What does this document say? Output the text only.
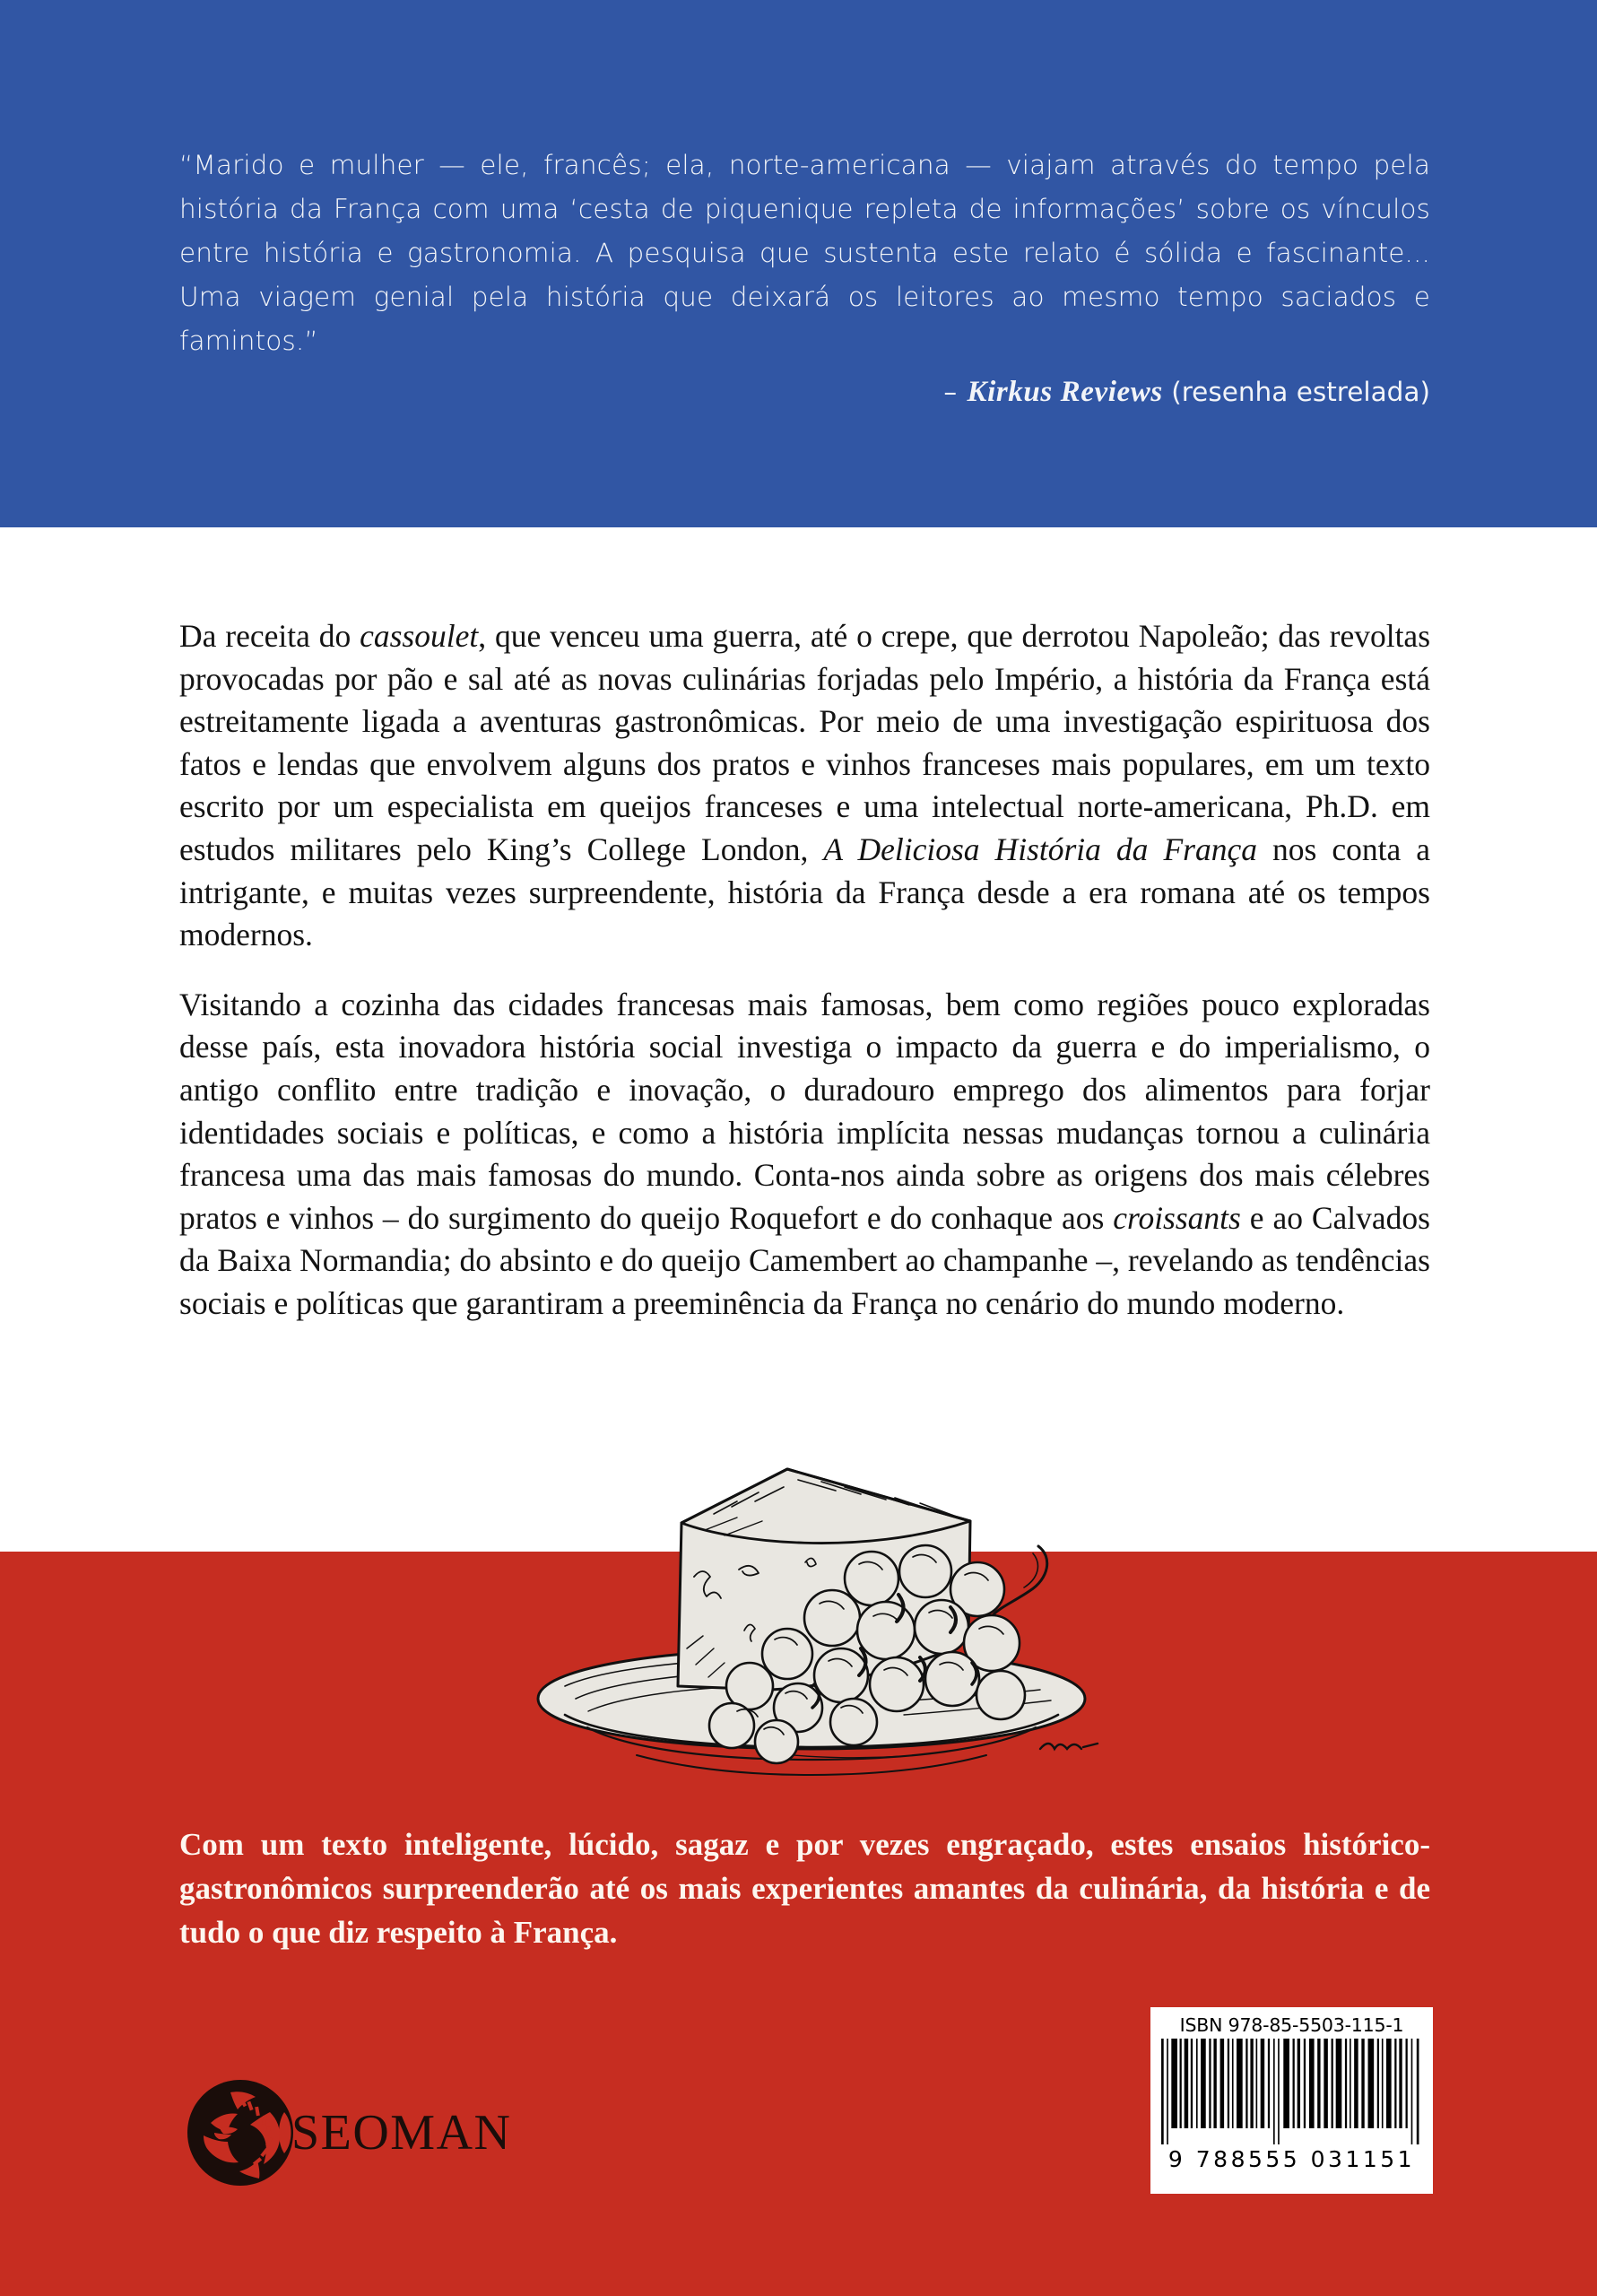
“Marido e mulher — ele, francês; ela, norte-americana — viajam através do tempo pela história da França com uma ‘cesta de piquenique repleta de informações’ sobre os vínculos entre história e gastronomia. A pesquisa que sustenta este relato é sólida e fascinante... Uma viagem genial pela história que deixará os leitores ao mesmo tempo saciados e famintos.”
– Kirkus Reviews (resenha estrelada)

Da receita do cassoulet, que venceu uma guerra, até o crepe, que derrotou Napoleão; das revoltas provocadas por pão e sal até as novas culinárias forjadas pelo Império, a história da França está estreitamente ligada a aventuras gastronômicas. Por meio de uma investigação espirituosa dos fatos e lendas que envolvem alguns dos pratos e vinhos franceses mais populares, em um texto escrito por um especialista em queijos franceses e uma intelectual norte-americana, Ph.D. em estudos militares pelo King’s College London, A Deliciosa História da França nos conta a intrigante, e muitas vezes surpreendente, história da França desde a era romana até os tempos modernos.

Visitando a cozinha das cidades francesas mais famosas, bem como regiões pouco exploradas desse país, esta inovadora história social investiga o impacto da guerra e do imperialismo, o antigo conflito entre tradição e inovação, o duradouro emprego dos alimentos para forjar identidades sociais e políticas, e como a história implícita nessas mudanças tornou a culinária francesa uma das mais famosas do mundo. Conta-nos ainda sobre as origens dos mais célebres pratos e vinhos – do surgimento do queijo Roquefort e do conhaque aos croissants e ao Calvados da Baixa Normandia; do absinto e do queijo Camembert ao champanhe –, revelando as tendências sociais e políticas que garantiram a preeminência da França no cenário do mundo moderno.

Com um texto inteligente, lúcido, sagaz e por vezes engraçado, estes ensaios histórico-gastronômicos surpreenderão até os mais experientes amantes da culinária, da história e de tudo o que diz respeito à França.
SEOMAN
ISBN 978-85-5503-115-1
9 788555 031151
